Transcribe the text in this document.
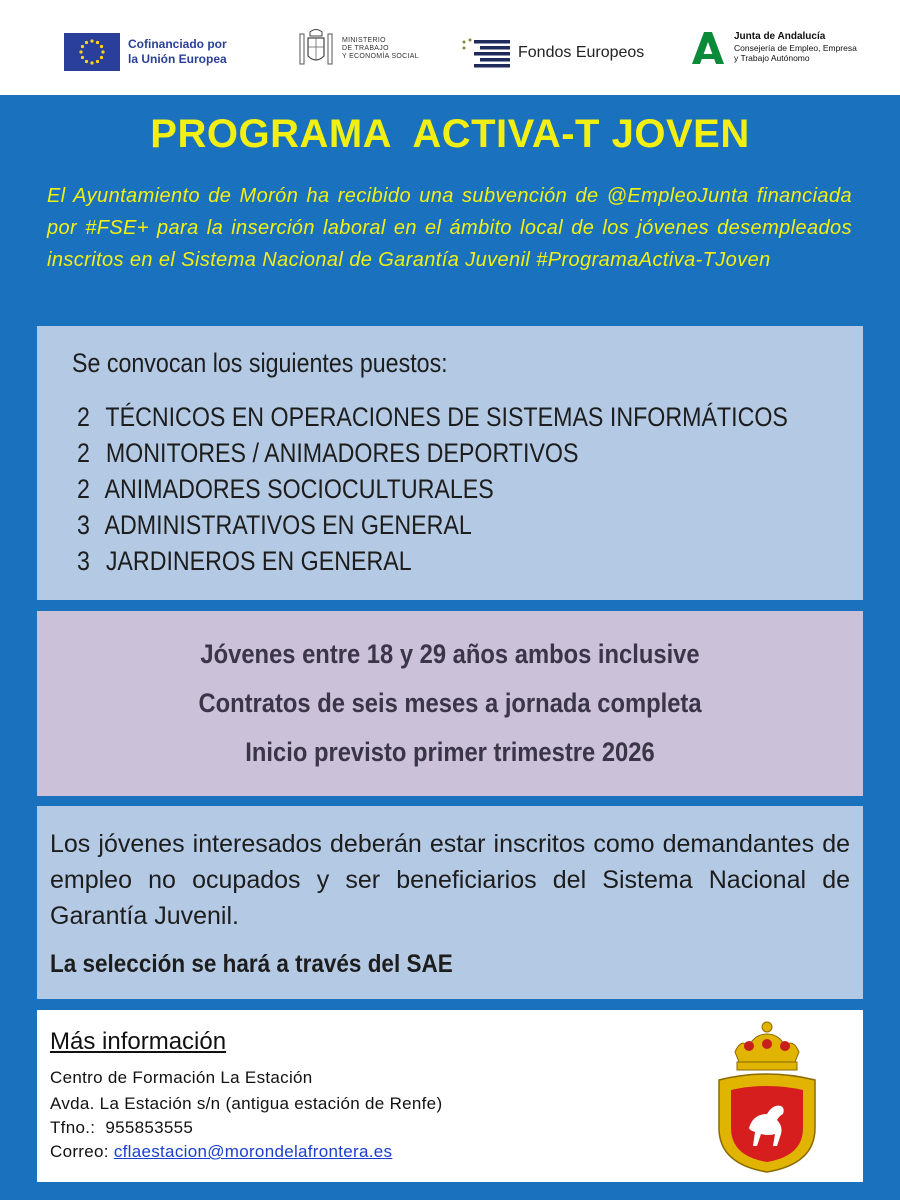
Cofinanciado por
la Unión Europea
MINISTERIO
DE TRABAJO
Y ECONOMÍA SOCIAL	Fondos Europeos
Junta de Andalucía
Consejería de Empleo, Empresa
y Trabajo Autónomo
PROGRAMA  ACTIVA-T JOVEN
El Ayuntamiento de Morón ha recibido una subvención de @EmpleoJunta financiada por #FSE+ para la inserción laboral en el ámbito local de los jóvenes desempleados inscritos en el Sistema Nacional de Garantía Juvenil #ProgramaActiva-TJoven
Se convocan los siguientes puestos:
2 TÉCNICOS EN OPERACIONES DE SISTEMAS INFORMÁTICOS
2 MONITORES / ANIMADORES DEPORTIVOS
2 ANIMADORES SOCIOCULTURALES
3 ADMINISTRATIVOS EN GENERAL
3 JARDINEROS EN GENERAL
Jóvenes entre 18 y 29 años ambos inclusive
Contratos de seis meses a jornada completa
Inicio previsto primer trimestre 2026
Los jóvenes interesados deberán estar inscritos como demandantes de empleo no ocupados y ser beneficiarios del Sistema Nacional de Garantía Juvenil.
La selección se hará a través del SAE
Más información
Centro de Formación La Estación
Avda. La Estación s/n (antigua estación de Renfe)
Tfno.: 955853555
Correo: cflaestacion@morondelafrontera.es
